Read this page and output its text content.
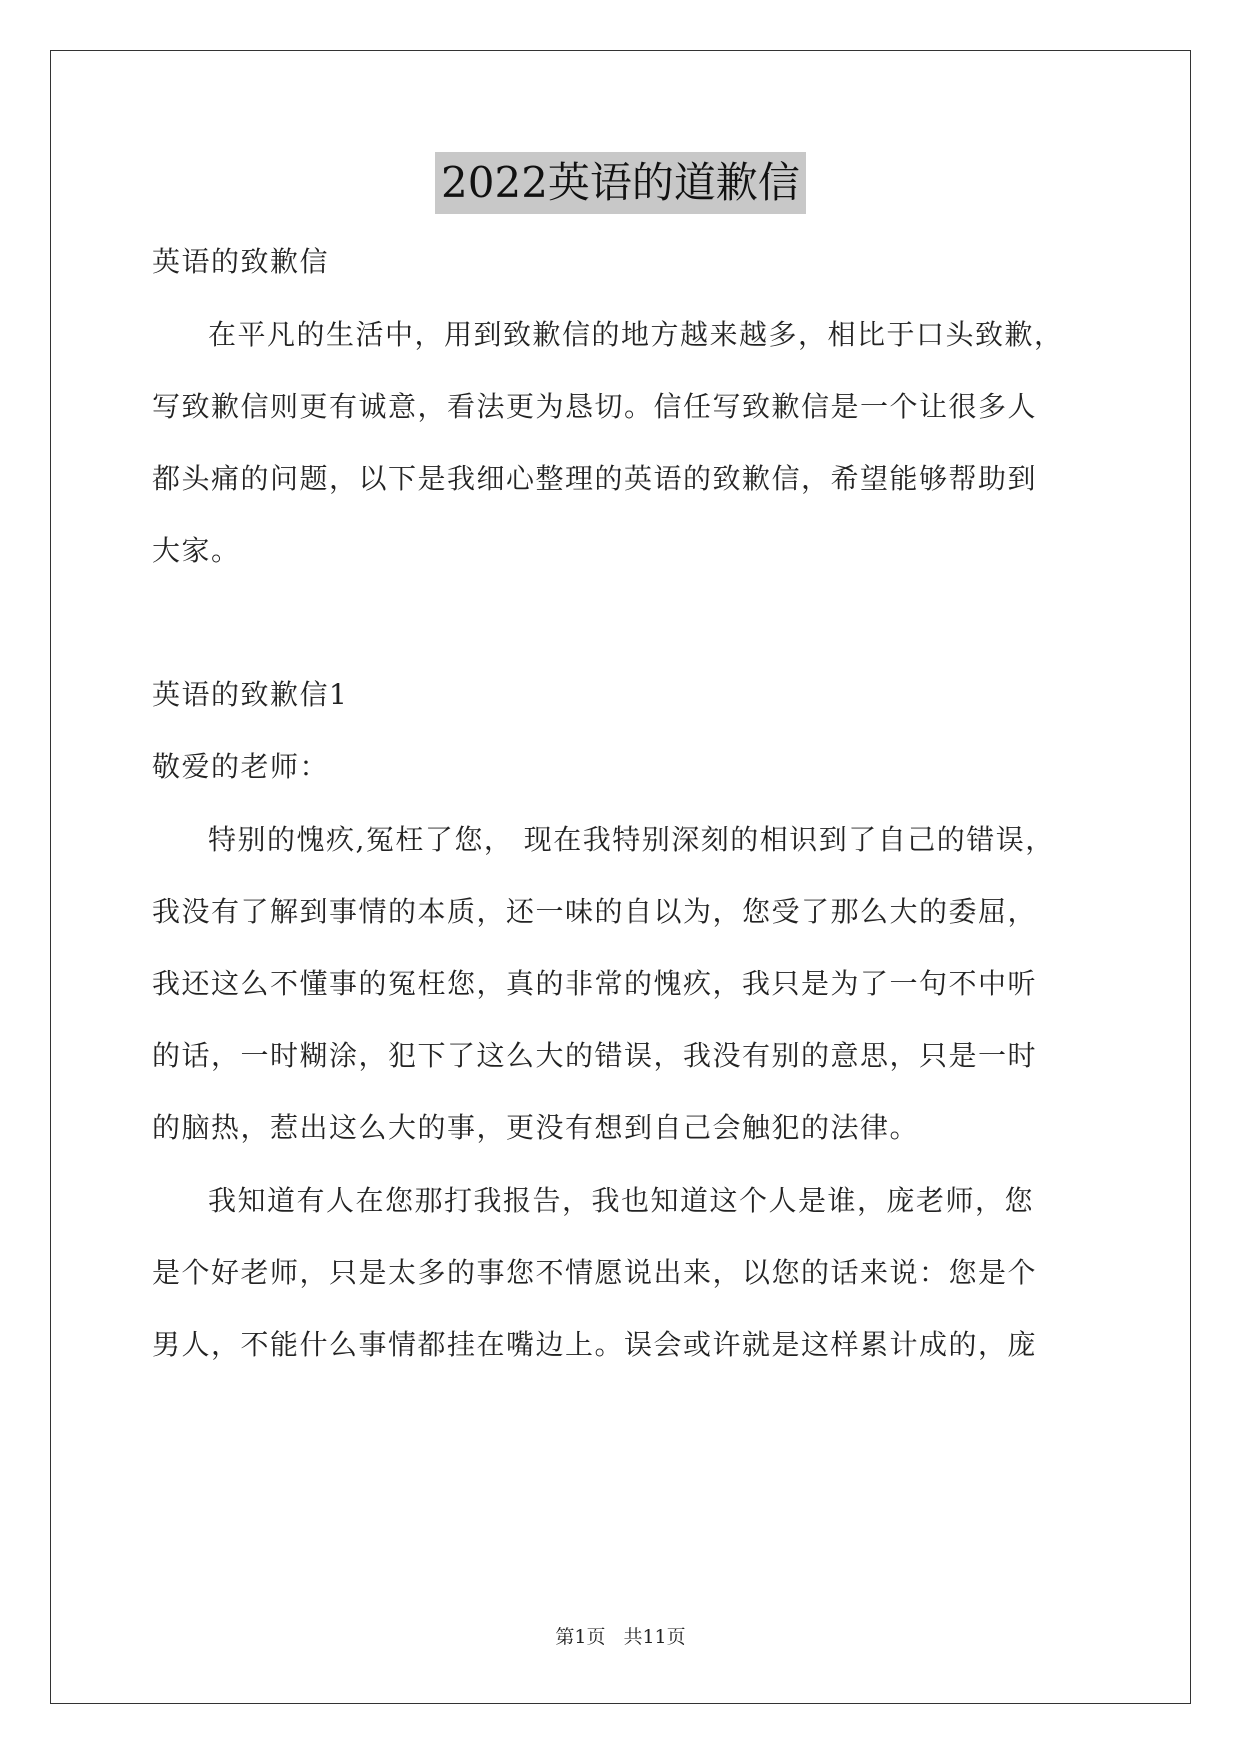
2022英语的道歉信
英语的致歉信
在平凡的生活中，用到致歉信的地方越来越多，相比于口头致歉，
写致歉信则更有诚意，看法更为恳切。信任写致歉信是一个让很多人
都头痛的问题，以下是我细心整理的英语的致歉信，希望能够帮助到
大家。
英语的致歉信1
敬爱的老师：
特别的愧疚,冤枉了您， 现在我特别深刻的相识到了自己的错误，
我没有了解到事情的本质，还一味的自以为，您受了那么大的委屈，
我还这么不懂事的冤枉您，真的非常的愧疚，我只是为了一句不中听
的话，一时糊涂，犯下了这么大的错误，我没有别的意思，只是一时
的脑热，惹出这么大的事，更没有想到自己会触犯的法律。
我知道有人在您那打我报告，我也知道这个人是谁，庞老师，您
是个好老师，只是太多的事您不情愿说出来，以您的话来说：您是个
男人，不能什么事情都挂在嘴边上。误会或许就是这样累计成的，庞
第1页 共11页
